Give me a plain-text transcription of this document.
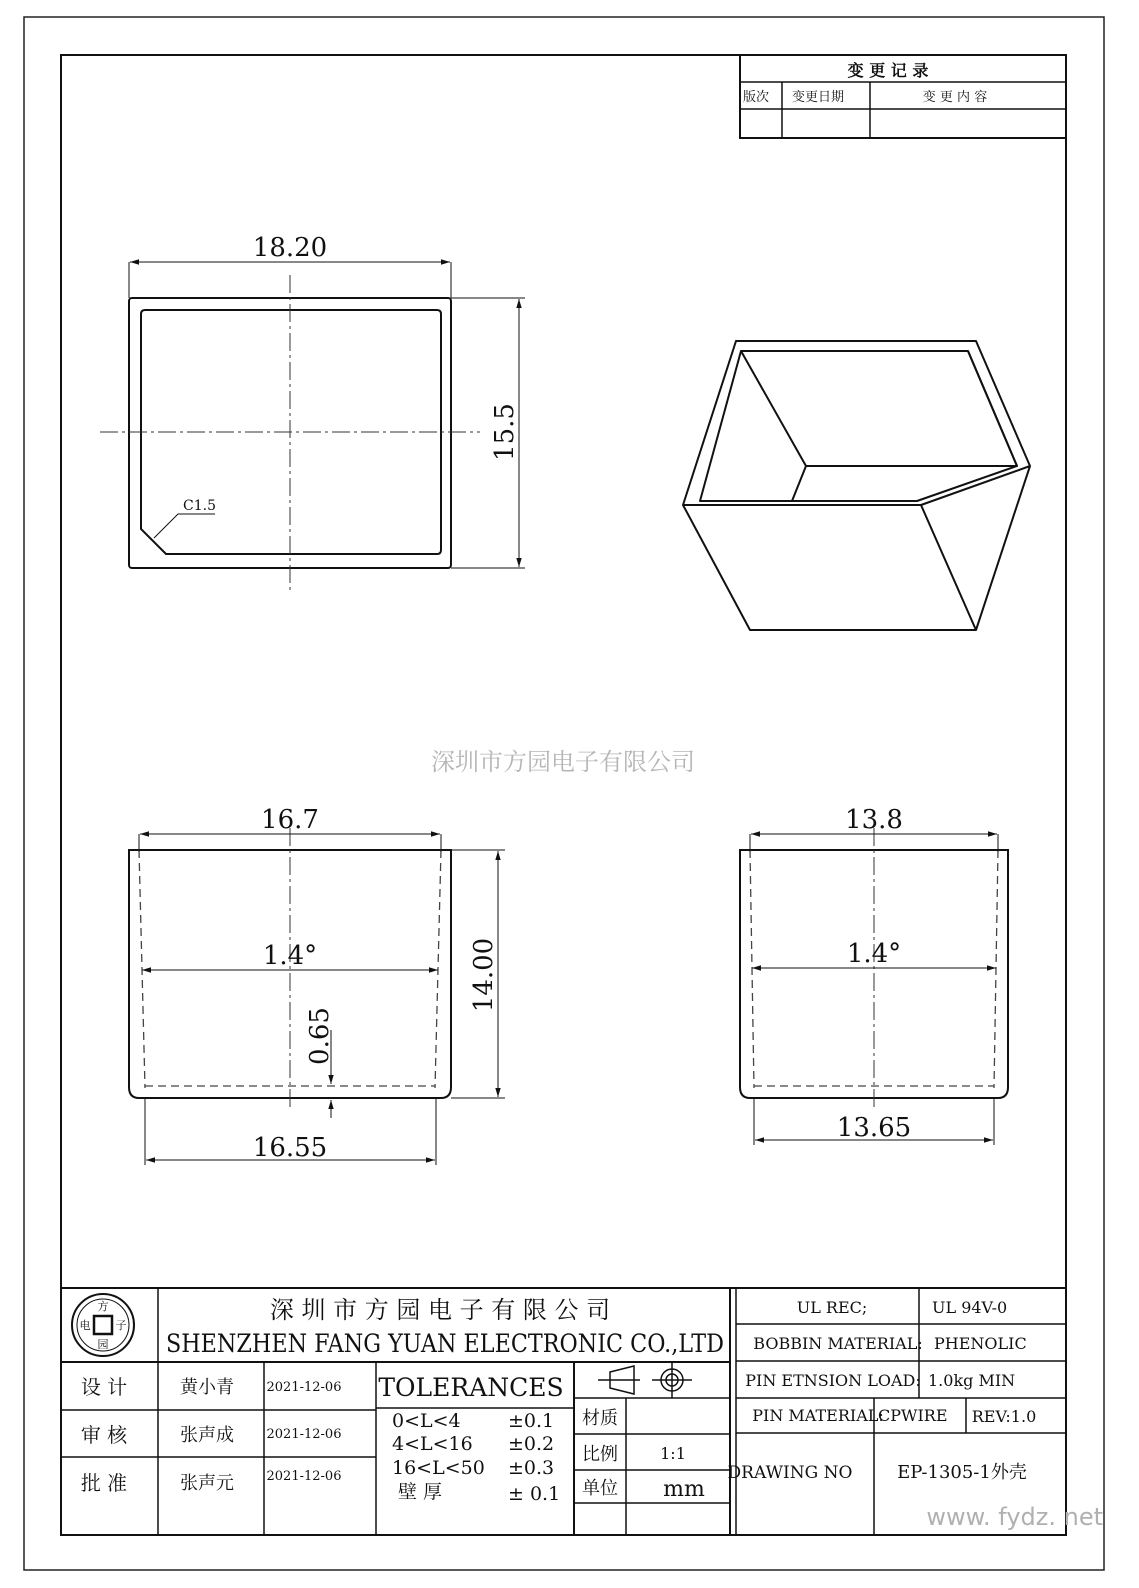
变 更 记 录
版次 变更日期	变 更 内 容
18.20
15.5
C1.5
深圳市方园电子有限公司
16.7
1.4°	14.00
0.65
16.55
13.8
1.4°
13.65
方
电 子
园
深 圳 市 方 园 电 子 有 限 公 司
SHENZHEN FANG YUAN ELECTRONIC CO.,LTD
设 计	黄小青	2021-12-06
审 核	张声成	2021-12-06
批 准	张声元	2021-12-06
TOLERANCES
0<L<4 ±0.1
4<L<16 ±0.2
16<L<50 ±0.3
壁 厚	± 0.1
材质
比例	1:1
单位 mm
UL REC;	UL 94V-0
BOBBIN MATERIAL: PHENOLIC
PIN ETNSION LOAD: 1.0kg MIN
PIN MATERIAL:
CPWIRE REV:1.0
DRAWING NO EP-1305-1外壳
www. fydz. net
